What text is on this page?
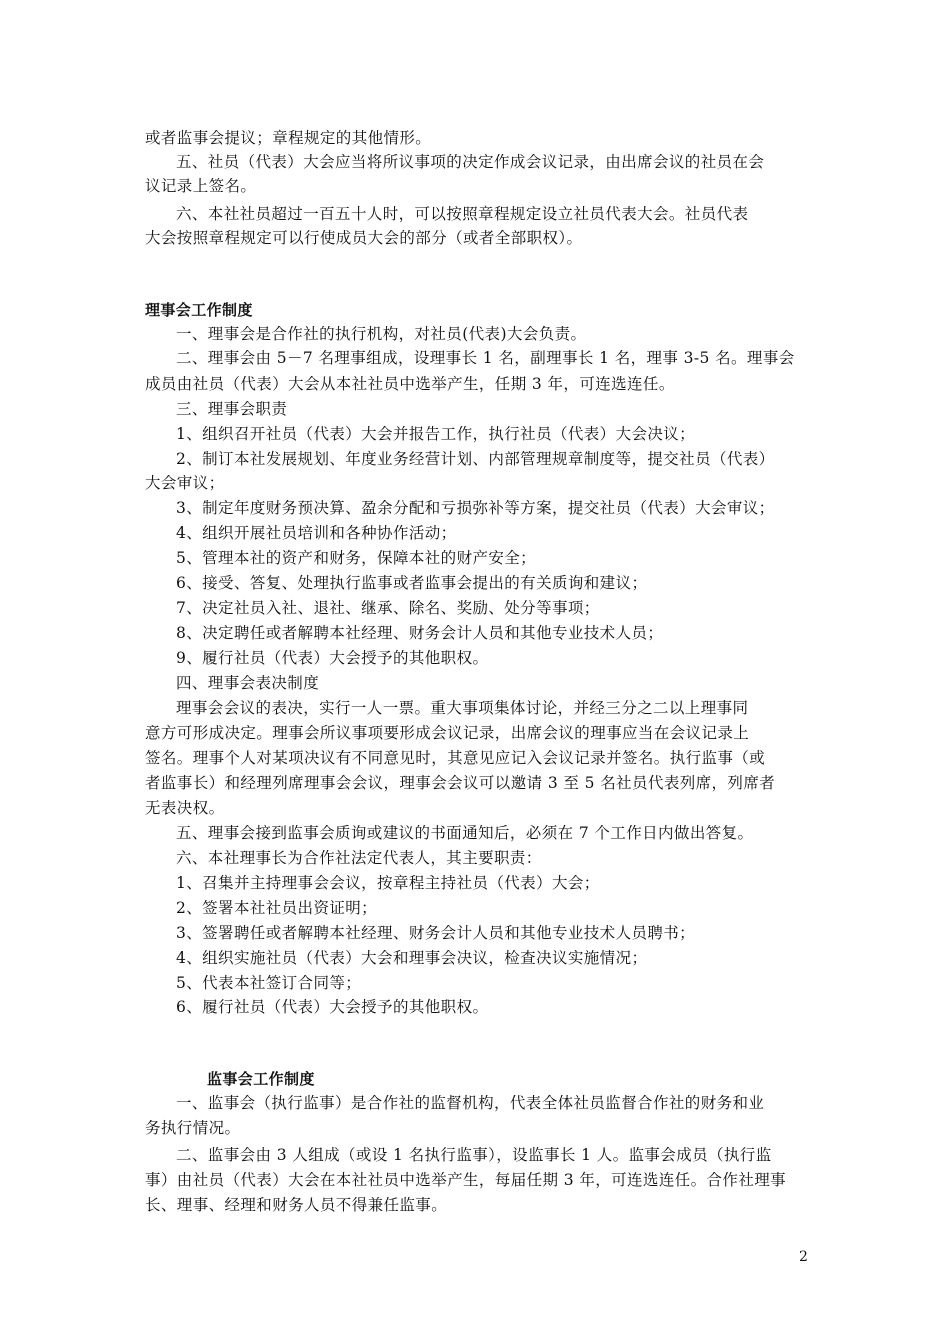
或者监事会提议；章程规定的其他情形。
五、社员（代表）大会应当将所议事项的决定作成会议记录，由出席会议的社员在会
议记录上签名。
六、本社社员超过一百五十人时，可以按照章程规定设立社员代表大会。社员代表
大会按照章程规定可以行使成员大会的部分（或者全部职权）。
理事会工作制度
一、理事会是合作社的执行机构，对社员(代表)大会负责。
二、理事会由 5－7 名理事组成，设理事长 1 名，副理事长 1 名，理事 3-5 名。理事会
成员由社员（代表）大会从本社社员中选举产生，任期 3 年，可连选连任。
三、理事会职责
1、组织召开社员（代表）大会并报告工作，执行社员（代表）大会决议；
2、制订本社发展规划、年度业务经营计划、内部管理规章制度等，提交社员（代表）
大会审议；
3、制定年度财务预决算、盈余分配和亏损弥补等方案，提交社员（代表）大会审议；
4、组织开展社员培训和各种协作活动；
5、管理本社的资产和财务，保障本社的财产安全；
6、接受、答复、处理执行监事或者监事会提出的有关质询和建议；
7、决定社员入社、退社、继承、除名、奖励、处分等事项；
8、决定聘任或者解聘本社经理、财务会计人员和其他专业技术人员；
9、履行社员（代表）大会授予的其他职权。
四、理事会表决制度
理事会会议的表决，实行一人一票。重大事项集体讨论，并经三分之二以上理事同
意方可形成决定。理事会所议事项要形成会议记录，出席会议的理事应当在会议记录上
签名。理事个人对某项决议有不同意见时，其意见应记入会议记录并签名。执行监事（或
者监事长）和经理列席理事会会议，理事会会议可以邀请 3 至 5 名社员代表列席，列席者
无表决权。
五、理事会接到监事会质询或建议的书面通知后，必须在 7 个工作日内做出答复。
六、本社理事长为合作社法定代表人，其主要职责：
1、召集并主持理事会会议，按章程主持社员（代表）大会；
2、签署本社社员出资证明；
3、签署聘任或者解聘本社经理、财务会计人员和其他专业技术人员聘书；
4、组织实施社员（代表）大会和理事会决议，检查决议实施情况；
5、代表本社签订合同等；
6、履行社员（代表）大会授予的其他职权。
监事会工作制度
一、监事会（执行监事）是合作社的监督机构，代表全体社员监督合作社的财务和业
务执行情况。
二、监事会由 3 人组成（或设 1 名执行监事），设监事长 1 人。监事会成员（执行监
事）由社员（代表）大会在本社社员中选举产生，每届任期 3 年，可连选连任。合作社理事
长、理事、经理和财务人员不得兼任监事。
2
